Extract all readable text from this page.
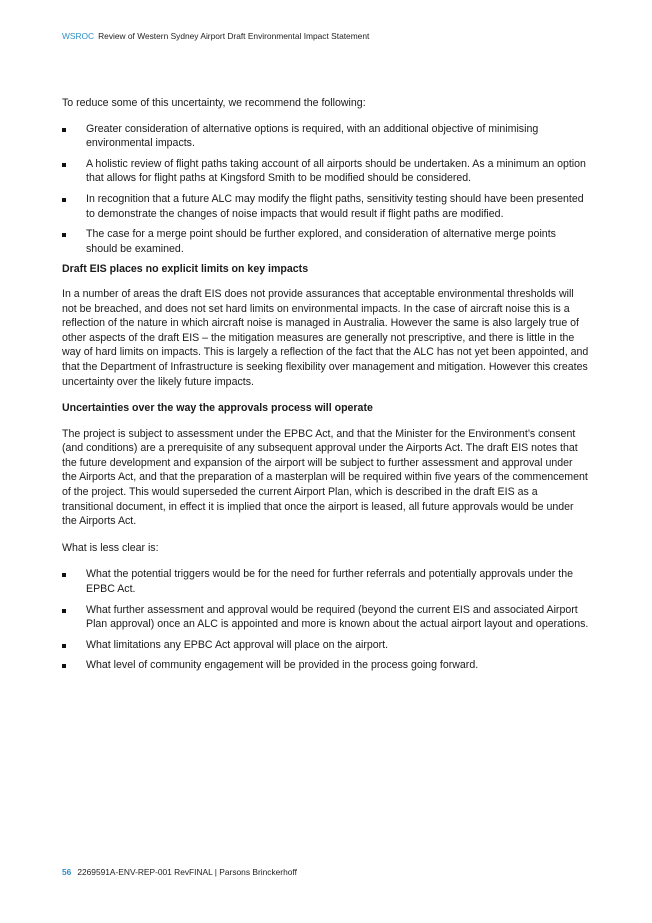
WSROC Review of Western Sydney Airport Draft Environmental Impact Statement

To reduce some of this uncertainty, we recommend the following:

Greater consideration of alternative options is required, with an additional objective of minimising environmental impacts.
A holistic review of flight paths taking account of all airports should be undertaken. As a minimum an option that allows for flight paths at Kingsford Smith to be modified should be considered.
In recognition that a future ALC may modify the flight paths, sensitivity testing should have been presented to demonstrate the changes of noise impacts that would result if flight paths are modified.
The case for a merge point should be further explored, and consideration of alternative merge points should be examined.
Draft EIS places no explicit limits on key impacts

In a number of areas the draft EIS does not provide assurances that acceptable environmental thresholds will not be breached, and does not set hard limits on environmental impacts. In the case of aircraft noise this is a reflection of the nature in which aircraft noise is managed in Australia. However the same is also largely true of other aspects of the draft EIS – the mitigation measures are generally not prescriptive, and there is little in the way of hard limits on impacts. This is largely a reflection of the fact that the ALC has not yet been appointed, and that the Department of Infrastructure is seeking flexibility over management and mitigation. However this creates uncertainty over the likely future impacts.

Uncertainties over the way the approvals process will operate

The project is subject to assessment under the EPBC Act, and that the Minister for the Environment’s consent (and conditions) are a prerequisite of any subsequent approval under the Airports Act. The draft EIS notes that the future development and expansion of the airport will be subject to further assessment and approval under the Airports Act, and that the preparation of a masterplan will be required within five years of the commencement of the project. This would superseded the current Airport Plan, which is described in the draft EIS as a transitional document, in effect it is implied that once the airport is leased, all future approvals would be under the Airports Act.

What is less clear is:

What the potential triggers would be for the need for further referrals and potentially approvals under the EPBC Act.
What further assessment and approval would be required (beyond the current EIS and associated Airport Plan approval) once an ALC is appointed and more is known about the actual airport layout and operations.
What limitations any EPBC Act approval will place on the airport.
What level of community engagement will be provided in the process going forward.
56 2269591A-ENV-REP-001 RevFINAL | Parsons Brinckerhoff
